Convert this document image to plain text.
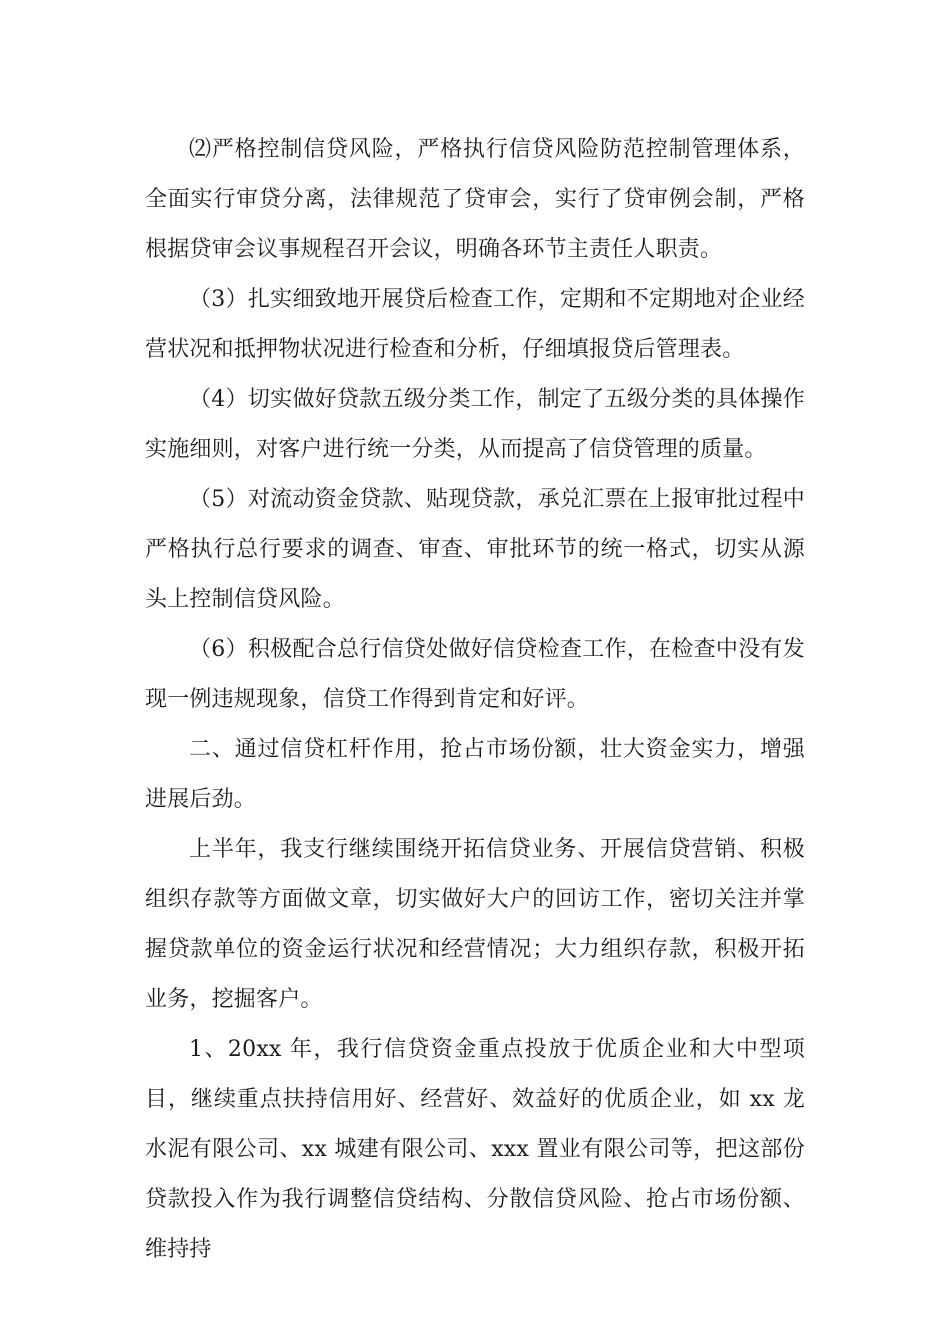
⑵严格控制信贷风险，严格执行信贷风险防范控制管理体系，全面实行审贷分离，法律规范了贷审会，实行了贷审例会制，严格根据贷审会议事规程召开会议，明确各环节主责任人职责。

（3）扎实细致地开展贷后检查工作，定期和不定期地对企业经营状况和抵押物状况进行检查和分析，仔细填报贷后管理表。

（4）切实做好贷款五级分类工作，制定了五级分类的具体操作实施细则，对客户进行统一分类，从而提高了信贷管理的质量。

（5）对流动资金贷款、贴现贷款，承兑汇票在上报审批过程中严格执行总行要求的调查、审查、审批环节的统一格式，切实从源头上控制信贷风险。

（6）积极配合总行信贷处做好信贷检查工作，在检查中没有发现一例违规现象，信贷工作得到肯定和好评。

二、通过信贷杠杆作用，抢占市场份额，壮大资金实力，增强进展后劲。

上半年，我支行继续围绕开拓信贷业务、开展信贷营销、积极组织存款等方面做文章，切实做好大户的回访工作，密切关注并掌握贷款单位的资金运行状况和经营情况；大力组织存款，积极开拓业务，挖掘客户。

1、20xx 年，我行信贷资金重点投放于优质企业和大中型项目，继续重点扶持信用好、经营好、效益好的优质企业，如 xx 龙水泥有限公司、xx 城建有限公司、xxx 置业有限公司等，把这部份贷款投入作为我行调整信贷结构、分散信贷风险、抢占市场份额、维持持
